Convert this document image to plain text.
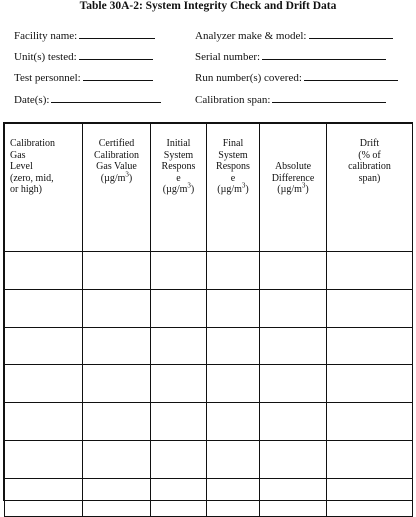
Table 30A-2: System Integrity Check and Drift Data
Facility name:
Unit(s) tested:
Test personnel:
Date(s):
Analyzer make & model:
Serial number:
Run number(s) covered:
Calibration span:
Calibration
Gas
Level
(zero, mid,
or high)	Certified
Calibration
Gas Value
$(\mu g/m^3)$	Initial
System
Respons
e
$(\mu g/m^3)$	Final
System
Respons
e
$(\mu g/m^3)$	Absolute
Difference
$(\mu g/m^3)$	Drift
(% of
calibration
span)
